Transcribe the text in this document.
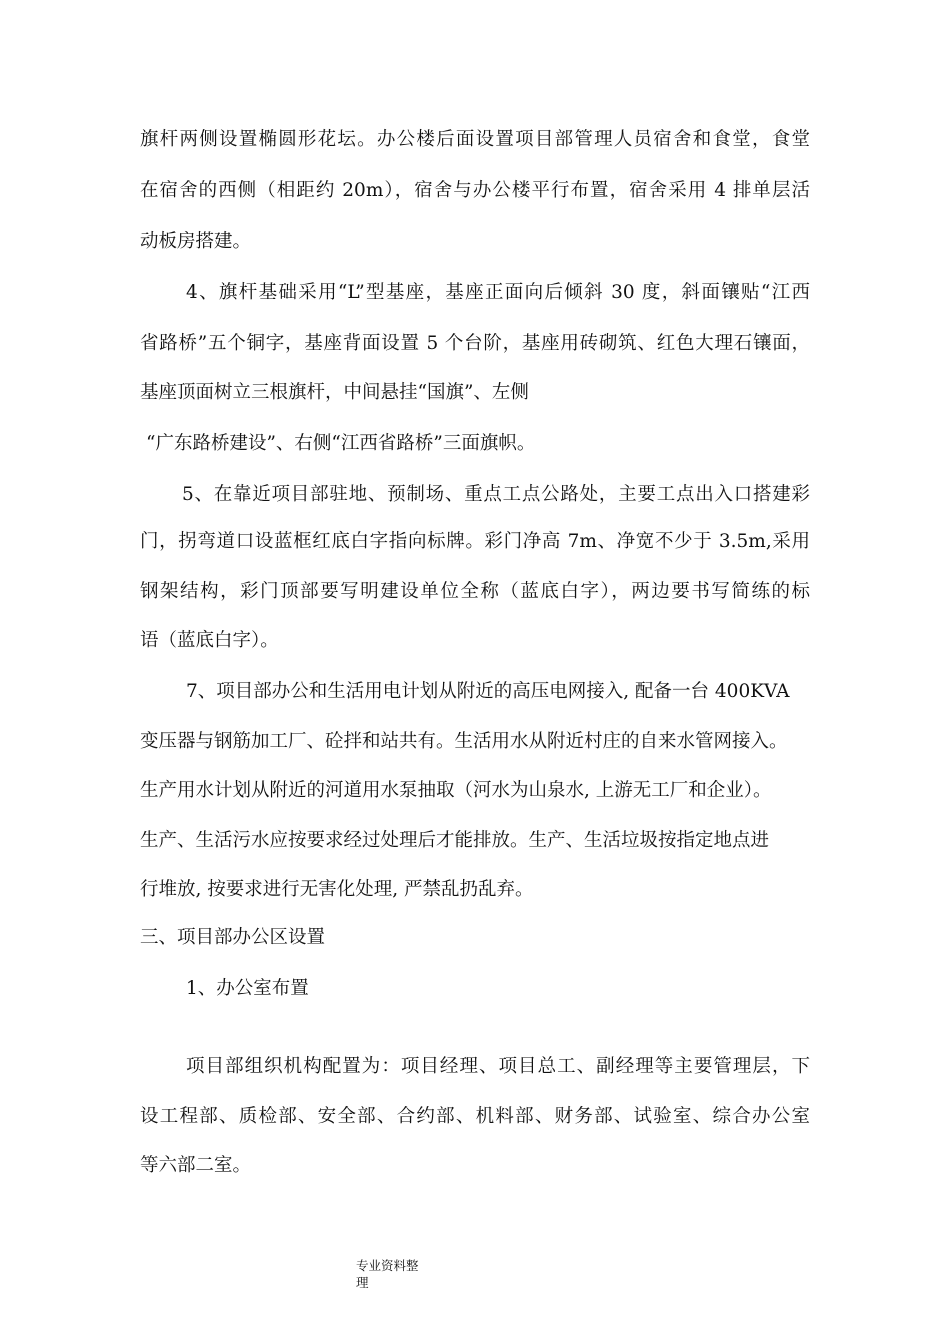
旗杆两侧设置椭圆形花坛。办公楼后面设置项目部管理人员宿舍和食堂，食堂
在宿舍的西侧（相距约 20m），宿舍与办公楼平行布置，宿舍采用 4 排单层活
动板房搭建。
4、旗杆基础采用“L”型基座，基座正面向后倾斜 30 度，斜面镶贴“江西
省路桥”五个铜字，基座背面设置 5 个台阶，基座用砖砌筑、红色大理石镶面，
基座顶面树立三根旗杆，中间悬挂“国旗”、左侧
“广东路桥建设”、右侧“江西省路桥”三面旗帜。
5、在靠近项目部驻地、预制场、重点工点公路处，主要工点出入口搭建彩
门，拐弯道口设蓝框红底白字指向标牌。彩门净高 7m、净宽不少于 3.5m,采用
钢架结构，彩门顶部要写明建设单位全称（蓝底白字），两边要书写简练的标
语（蓝底白字）。
7、项目部办公和生活用电计划从附近的高压电网接入, 配备一台 400KVA
变压器与钢筋加工厂、砼拌和站共有。生活用水从附近村庄的自来水管网接入。
生产用水计划从附近的河道用水泵抽取（河水为山泉水, 上游无工厂和企业）。
生产、生活污水应按要求经过处理后才能排放。生产、生活垃圾按指定地点进
行堆放, 按要求进行无害化处理, 严禁乱扔乱弃。
三、项目部办公区设置
1、办公室布置
项目部组织机构配置为：项目经理、项目总工、副经理等主要管理层，下
设工程部、质检部、安全部、合约部、机料部、财务部、试验室、综合办公室
等六部二室。
专业资料整
理
